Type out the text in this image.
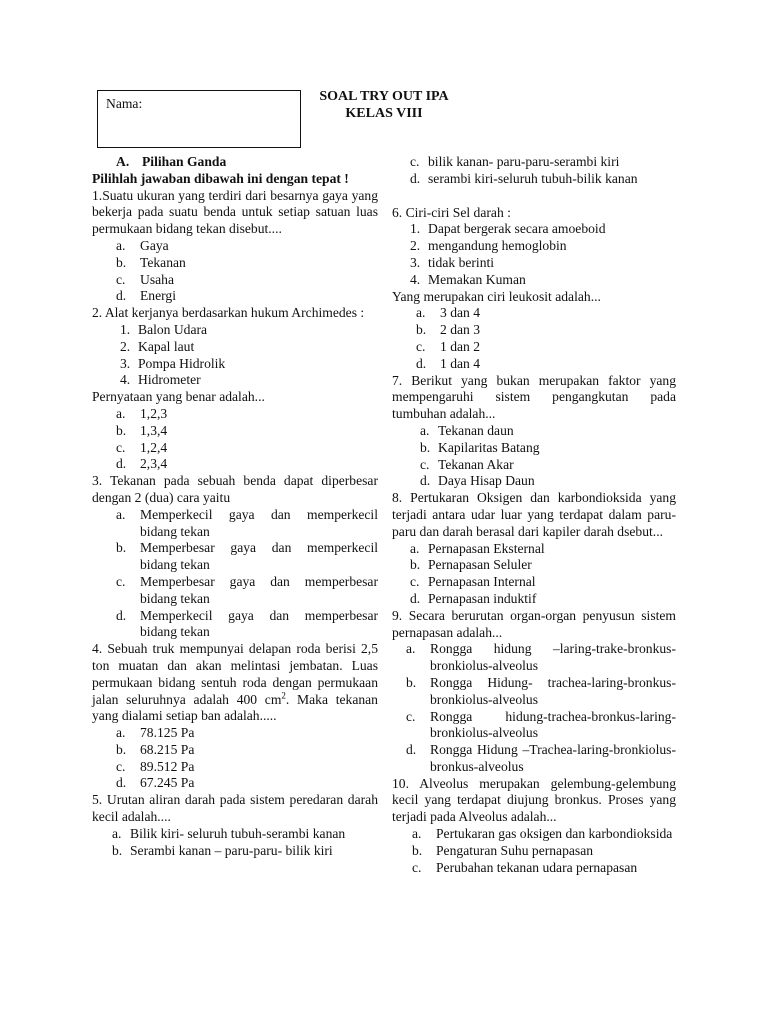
Nama:	SOAL TRY OUT IPA
KELAS VIII
A. Pilihan Ganda
Pilihlah jawaban dibawah ini dengan tepat !
1.Suatu ukuran yang terdiri dari besarnya gaya yang bekerja pada suatu benda untuk setiap satuan luas permukaan bidang tekan disebut....
a.	Gaya
b.	Tekanan
c.	Usaha
d.	Energi
2. Alat kerjanya berdasarkan hukum Archimedes :
1. Balon Udara
2. Kapal laut
3. Pompa Hidrolik
4. Hidrometer
Pernyataan yang benar adalah...
a.	1,2,3
b.	1,3,4
c.	1,2,4
d.	2,3,4
3. Tekanan pada sebuah benda dapat diperbesar dengan 2 (dua) cara yaitu
a.	Memperkecil gaya dan memperkecil bidang tekan
b.	Memperbesar gaya dan memperkecil bidang tekan
c.	Memperbesar gaya dan memperbesar bidang tekan
d.	Memperkecil gaya dan memperbesar bidang tekan
4. Sebuah truk mempunyai delapan roda berisi 2,5 ton muatan dan akan melintasi jembatan. Luas permukaan bidang sentuh roda dengan permukaan jalan seluruhnya adalah 400 $cm^2$. Maka tekanan yang dialami setiap ban adalah.....
a.	78.125 Pa
b.	68.215 Pa
c.	89.512 Pa
d.	67.245 Pa
5. Urutan aliran darah pada sistem peredaran darah kecil adalah....
a. Bilik kiri- seluruh tubuh-serambi kanan
b. Serambi kanan – paru-paru- bilik kiri
c. bilik kanan- paru-paru-serambi kiri
d. serambi kiri-seluruh tubuh-bilik kanan
6. Ciri-ciri Sel darah :
1. Dapat bergerak secara amoeboid
2. mengandung hemoglobin
3. tidak berinti
4. Memakan Kuman
Yang merupakan ciri leukosit adalah...
a.	3 dan 4
b.	2 dan 3
c.	1 dan 2
d.	1 dan 4
7. Berikut yang bukan merupakan faktor yang mempengaruhi sistem pengangkutan pada tumbuhan adalah...
a. Tekanan daun
b. Kapilaritas Batang
c. Tekanan Akar
d. Daya Hisap Daun
8. Pertukaran Oksigen dan karbondioksida yang terjadi antara udar luar yang terdapat dalam paru-paru dan darah berasal dari kapiler darah dsebut...
a. Pernapasan Eksternal
b. Pernapasan Seluler
c. Pernapasan Internal
d. Pernapasan induktif
9. Secara berurutan organ-organ penyusun sistem pernapasan adalah...
a.	Rongga hidung –laring-trake-bronkus-bronkiolus-alveolus
b.	Rongga Hidung- trachea-laring-bronkus-bronkiolus-alveolus
c.	Rongga hidung-trachea-bronkus-laring-bronkiolus-alveolus
d.	Rongga Hidung –Trachea-laring-bronkiolus-bronkus-alveolus
10. Alveolus merupakan gelembung-gelembung kecil yang terdapat diujung bronkus. Proses yang terjadi pada Alveolus adalah...
a.	Pertukaran gas oksigen dan karbondioksida
b.	Pengaturan Suhu pernapasan
c.	Perubahan tekanan udara pernapasan
